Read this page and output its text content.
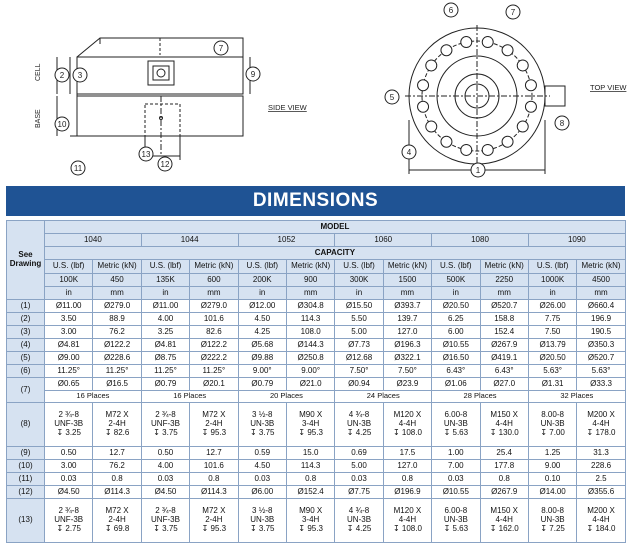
CELL
BASE
SIDE VIEW
2 3
7
9
10
11	12
13
TOP VIEW
6	7
5
4
8
1
DIMENSIONS
See Drawing	MODEL											
	1040		1044		1052		1060		1080		1090	
	CAPACITY											
	U.S. (lbf)	Metric (kN)	U.S. (lbf)	Metric (kN)	U.S. (lbf)	Metric (kN)	U.S. (lbf)	Metric (kN)	U.S. (lbf)	Metric (kN)	U.S. (lbf)	Metric (kN)
	100K	450	135K	600	200K	900	300K	1500	500K	2250	1000K	4500
	in	mm	in	mm	in	mm	in	mm	in	mm	in	mm
(1)	Ø11.00	Ø279.0	Ø11.00	Ø279.0	Ø12.00	Ø304.8	Ø15.50	Ø393.7	Ø20.50	Ø520.7	Ø26.00	Ø660.4
(2)	3.50	88.9	4.00	101.6	4.50	114.3	5.50	139.7	6.25	158.8	7.75	196.9
(3)	3.00	76.2	3.25	82.6	4.25	108.0	5.00	127.0	6.00	152.4	7.50	190.5
(4)	Ø4.81	Ø122.2	Ø4.81	Ø122.2	Ø5.68	Ø144.3	Ø7.73	Ø196.3	Ø10.55	Ø267.9	Ø13.79	Ø350.3
(5)	Ø9.00	Ø228.6	Ø8.75	Ø222.2	Ø9.88	Ø250.8	Ø12.68	Ø322.1	Ø16.50	Ø419.1	Ø20.50	Ø520.7
(6)	11.25°	11.25°	11.25°	11.25°	9.00°	9.00°	7.50°	7.50°	6.43°	6.43°	5.63°	5.63°
(7)	Ø0.65	Ø16.5	Ø0.79	Ø20.1	Ø0.79	Ø21.0	Ø0.94	Ø23.9	Ø1.06	Ø27.0	Ø1.31	Ø33.3
	16 Places		16 Places		20 Places		24 Places		28 Places		32 Places	
(8)	2 ¾-8
UNF-3B
↧ 3.25	M72 X
2-4H
↧ 82.6	2 ¾-8
UNF-3B
↧ 3.75	M72 X
2-4H
↧ 95.3	3 ½-8
UN-3B
↧ 3.75	M90 X
3-4H
↧ 95.3	4 ¾-8
UN-3B
↧ 4.25	M120 X
4-4H
↧ 108.0	6.00-8
UN-3B
↧ 5.63	M150 X
4-4H
↧ 130.0	8.00-8
UN-3B
↧ 7.00	M200 X
4-4H
↧ 178.0

(9)	0.50	12.7	0.50	12.7	0.59	15.0	0.69	17.5	1.00	25.4	1.25	31.3
(10)	3.00	76.2	4.00	101.6	4.50	114.3	5.00	127.0	7.00	177.8	9.00	228.6
(11)	0.03	0.8	0.03	0.8	0.03	0.8	0.03	0.8	0.03	0.8	0.10	2.5
(12)	Ø4.50	Ø114.3	Ø4.50	Ø114.3	Ø6.00	Ø152.4	Ø7.75	Ø196.9	Ø10.55	Ø267.9	Ø14.00	Ø355.6
(13)	2 ¾-8
UNF-3B
↧ 2.75	M72 X
2-4H
↧ 69.8	2 ¾-8
UNF-3B
↧ 3.75	M72 X
2-4H
↧ 95.3	3 ½-8
UN-3B
↧ 3.75	M90 X
3-4H
↧ 95.3	4 ¾-8
UN-3B
↧ 4.25	M120 X
4-4H
↧ 108.0	6.00-8
UN-3B
↧ 5.63	M150 X
4-4H
↧ 162.0	8.00-8
UN-3B
↧ 7.25	M200 X
4-4H
↧ 184.0
